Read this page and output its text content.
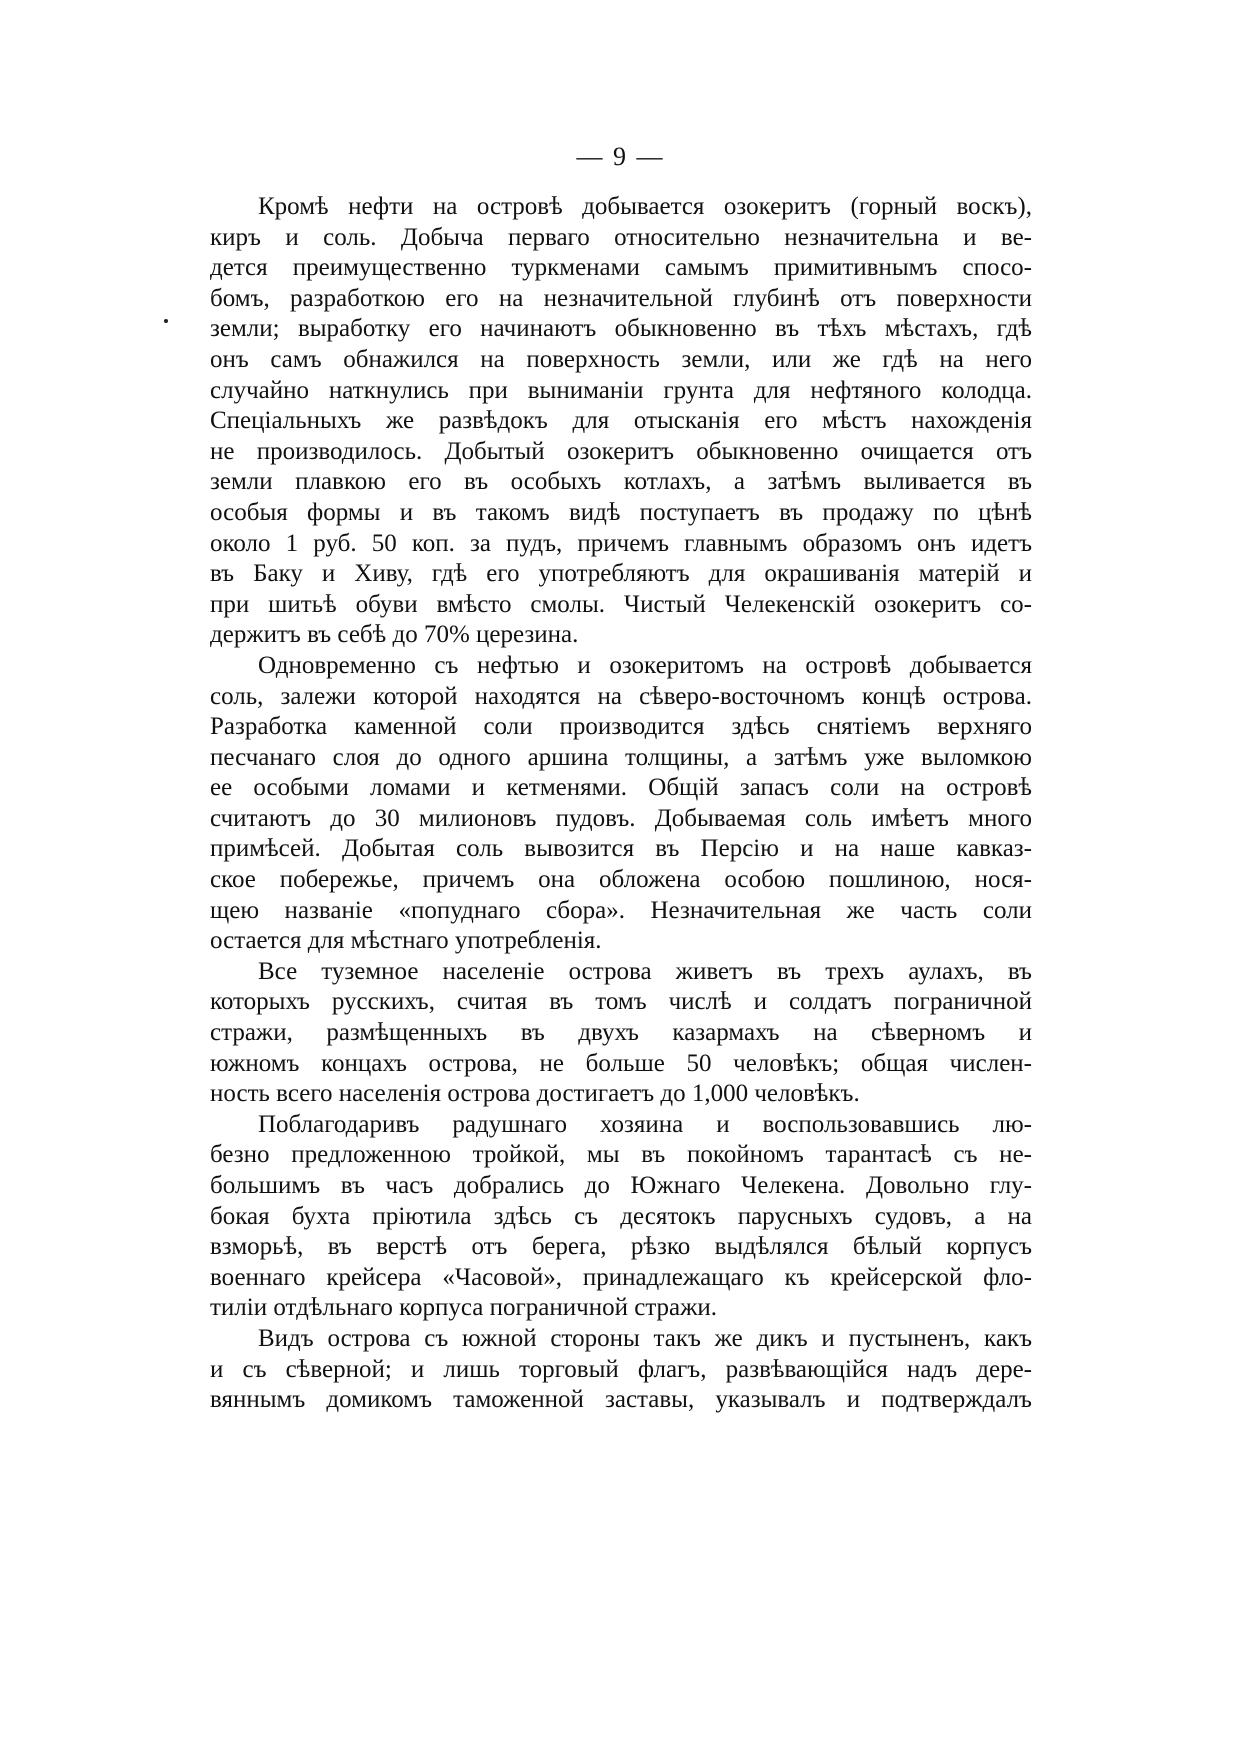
— 9 —
Кромѣ нефти на островѣ добывается озокеритъ (горный воскъ),
киръ и соль. Добыча перваго относительно незначительна и ве-
дется преимущественно туркменами самымъ примитивнымъ спосо-
бомъ, разработкою его на незначительной глубинѣ отъ поверхности
земли; выработку его начинаютъ обыкновенно въ тѣхъ мѣстахъ, гдѣ
онъ самъ обнажился на поверхность земли, или же гдѣ на него
случайно наткнулись при выниманіи грунта для нефтяного колодца.
Спеціальныхъ же развѣдокъ для отысканія его мѣстъ нахожденія
не производилось. Добытый озокеритъ обыкновенно очищается отъ
земли плавкою его въ особыхъ котлахъ, а затѣмъ выливается въ
особыя формы и въ такомъ видѣ поступаетъ въ продажу по цѣнѣ
около 1 руб. 50 коп. за пудъ, причемъ главнымъ образомъ онъ идетъ
въ Баку и Хиву, гдѣ его употребляютъ для окрашиванія матерій и
при шитьѣ обуви вмѣсто смолы. Чистый Челекенскій озокеритъ со-
держитъ въ себѣ до 70% церезина.
Одновременно съ нефтью и озокеритомъ на островѣ добывается
соль, залежи которой находятся на сѣверо-восточномъ концѣ острова.
Разработка каменной соли производится здѣсь снятіемъ верхняго
песчанаго слоя до одного аршина толщины, а затѣмъ уже выломкою
ее особыми ломами и кетменями. Общій запасъ соли на островѣ
считаютъ до 30 милионовъ пудовъ. Добываемая соль имѣетъ много
примѣсей. Добытая соль вывозится въ Персію и на наше кавказ-
ское побережье, причемъ она обложена особою пошлиною, нося-
щею названіе «попуднаго сбора». Незначительная же часть соли
остается для мѣстнаго употребленія.
Все туземное населеніе острова живетъ въ трехъ аулахъ, въ
которыхъ русскихъ, считая въ томъ числѣ и солдатъ пограничной
стражи, размѣщенныхъ въ двухъ казармахъ на сѣверномъ и
южномъ концахъ острова, не больше 50 человѣкъ; общая числен-
ность всего населенія острова достигаетъ до 1,000 человѣкъ.
Поблагодаривъ радушнаго хозяина и воспользовавшись лю-
безно предложенною тройкой, мы въ покойномъ тарантасѣ съ не-
большимъ въ часъ добрались до Южнаго Челекена. Довольно глу-
бокая бухта пріютила здѣсь съ десятокъ парусныхъ судовъ, а на
взморьѣ, въ верстѣ отъ берега, рѣзко выдѣлялся бѣлый корпусъ
военнаго крейсера «Часовой», принадлежащаго къ крейсерской фло-
тиліи отдѣльнаго корпуса пограничной стражи.
Видъ острова съ южной стороны такъ же дикъ и пустыненъ, какъ
и съ сѣверной; и лишь торговый флагъ, развѣвающійся надъ дере-
вяннымъ домикомъ таможенной заставы, указывалъ и подтверждалъ
